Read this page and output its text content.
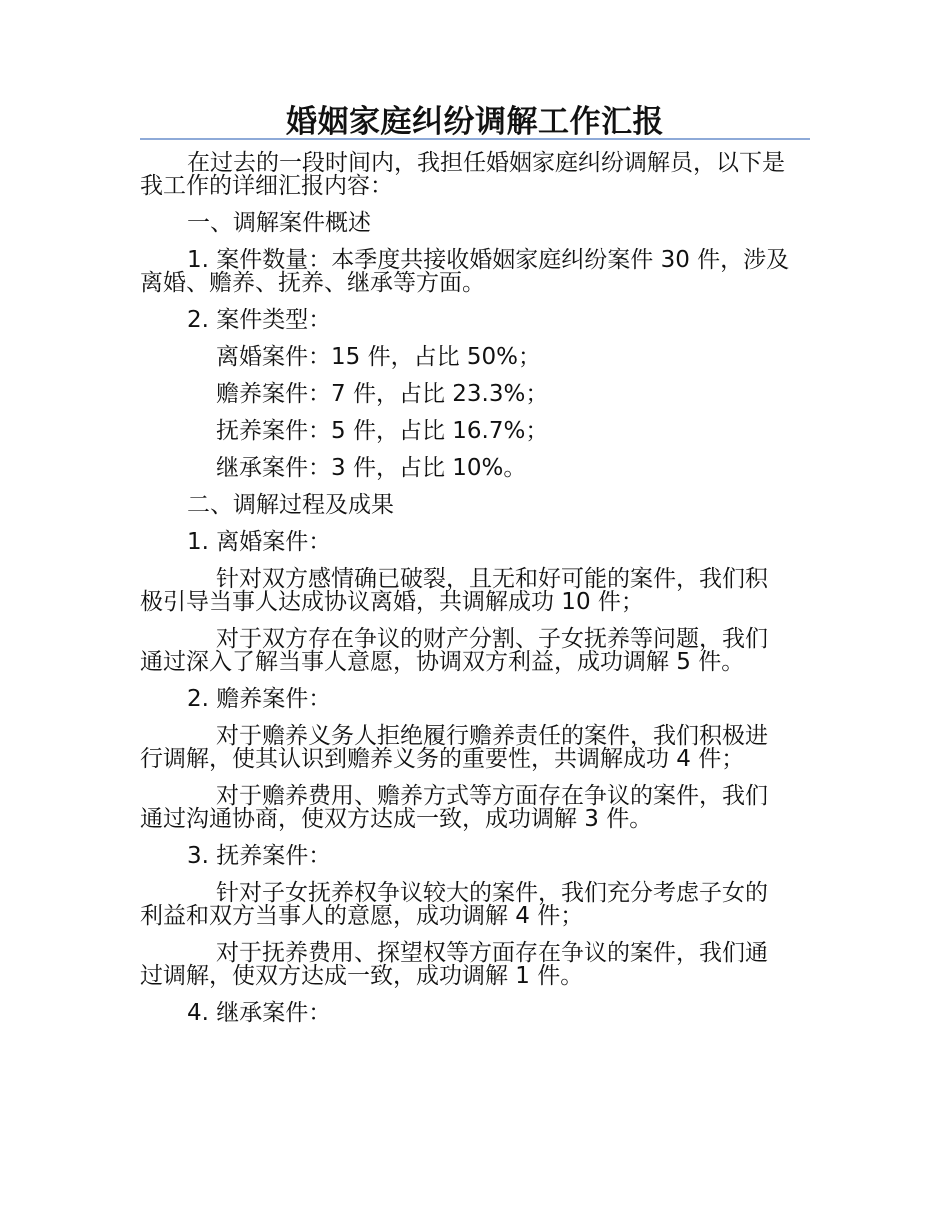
婚姻家庭纠纷调解工作汇报

在过去的一段时间内，我担任婚姻家庭纠纷调解员，以下是我工作的详细汇报内容：

一、调解案件概述

1. 案件数量：本季度共接收婚姻家庭纠纷案件 30 件，涉及离婚、赡养、抚养、继承等方面。

2. 案件类型：

离婚案件：15 件，占比 50%；

赡养案件：7 件，占比 23.3%；

抚养案件：5 件，占比 16.7%；

继承案件：3 件，占比 10%。

二、调解过程及成果

1. 离婚案件：

针对双方感情确已破裂，且无和好可能的案件，我们积极引导当事人达成协议离婚，共调解成功 10 件；

对于双方存在争议的财产分割、子女抚养等问题，我们通过深入了解当事人意愿，协调双方利益，成功调解 5 件。

2. 赡养案件：

对于赡养义务人拒绝履行赡养责任的案件，我们积极进行调解，使其认识到赡养义务的重要性，共调解成功 4 件；

对于赡养费用、赡养方式等方面存在争议的案件，我们通过沟通协商，使双方达成一致，成功调解 3 件。

3. 抚养案件：

针对子女抚养权争议较大的案件，我们充分考虑子女的利益和双方当事人的意愿，成功调解 4 件；

对于抚养费用、探望权等方面存在争议的案件，我们通过调解，使双方达成一致，成功调解 1 件。

4. 继承案件：
